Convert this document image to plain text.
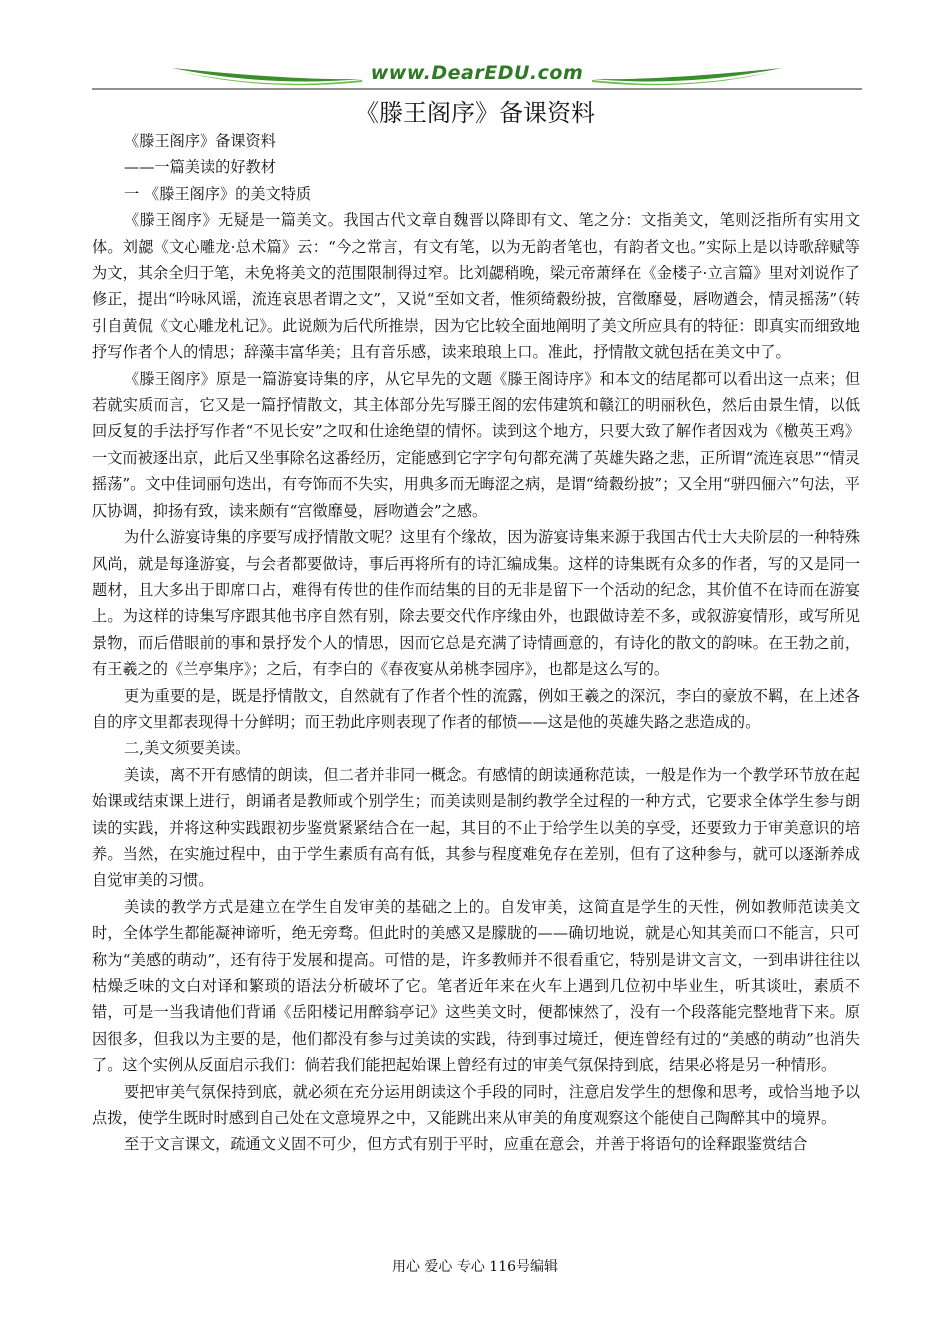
www.DearEDU.com
《滕王阁序》备课资料

《滕王阁序》备课资料

——一篇美读的好教材

一 《滕王阁序》的美文特质

《滕王阁序》无疑是一篇美文。我国古代文章自魏晋以降即有文、笔之分：文指美文，笔则泛指所有实用文体。刘勰《文心雕龙·总术篇》云：“今之常言，有文有笔，以为无韵者笔也，有韵者文也。”实际上是以诗歌辞赋等为文，其余全归于笔，未免将美文的范围限制得过窄。比刘勰稍晚，梁元帝萧绎在《金楼子·立言篇》里对刘说作了修正，提出“吟咏风谣，流连哀思者谓之文”，又说“至如文者，惟须绮縠纷披，宫徵靡曼，唇吻遒会，情灵摇荡”（转引自黄侃《文心雕龙札记》。此说颇为后代所推崇，因为它比较全面地阐明了美文所应具有的特征：即真实而细致地抒写作者个人的情思；辞藻丰富华美；且有音乐感，读来琅琅上口。准此，抒情散文就包括在美文中了。

《滕王阁序》原是一篇游宴诗集的序，从它早先的文题《滕王阁诗序》和本文的结尾都可以看出这一点来；但若就实质而言，它又是一篇抒情散文，其主体部分先写滕王阁的宏伟建筑和赣江的明丽秋色，然后由景生情，以低回反复的手法抒写作者“不见长安”之叹和仕途绝望的情怀。读到这个地方，只要大致了解作者因戏为《檄英王鸡》一文而被逐出京，此后又坐事除名这番经历，定能感到它字字句句都充满了英雄失路之悲，正所谓“流连哀思”“情灵摇荡”。文中佳词丽句迭出，有夸饰而不失实，用典多而无晦涩之病，是谓“绮縠纷披”；又全用“骈四俪六”句法，平仄协调，抑扬有致，读来颇有“宫徵靡曼，唇吻遒会”之感。

为什么游宴诗集的序要写成抒情散文呢？这里有个缘故，因为游宴诗集来源于我国古代士大夫阶层的一种特殊风尚，就是每逢游宴，与会者都要做诗，事后再将所有的诗汇编成集。这样的诗集既有众多的作者，写的又是同一题材，且大多出于即席口占，难得有传世的佳作而结集的目的无非是留下一个活动的纪念，其价值不在诗而在游宴上。为这样的诗集写序跟其他书序自然有别，除去要交代作序缘由外，也跟做诗差不多，或叙游宴情形，或写所见景物，而后借眼前的事和景抒发个人的情思，因而它总是充满了诗情画意的，有诗化的散文的韵味。在王勃之前，有王羲之的《兰亭集序》；之后，有李白的《春夜宴从弟桃李园序》，也都是这么写的。

更为重要的是，既是抒情散文，自然就有了作者个性的流露，例如王羲之的深沉，李白的豪放不羁，在上述各自的序文里都表现得十分鲜明；而王勃此序则表现了作者的郁愤——这是他的英雄失路之悲造成的。

二,美文须要美读。

美读，离不开有感情的朗读，但二者并非同一概念。有感情的朗读通称范读，一般是作为一个教学环节放在起始课或结束课上进行，朗诵者是教师或个别学生；而美读则是制约教学全过程的一种方式，它要求全体学生参与朗读的实践，并将这种实践跟初步鉴赏紧紧结合在一起，其目的不止于给学生以美的享受，还要致力于审美意识的培养。当然，在实施过程中，由于学生素质有高有低，其参与程度难免存在差别，但有了这种参与，就可以逐渐养成自觉审美的习惯。

美读的教学方式是建立在学生自发审美的基础之上的。自发审美，这简直是学生的天性，例如教师范读美文时，全体学生都能凝神谛听，绝无旁骛。但此时的美感又是朦胧的——确切地说，就是心知其美而口不能言，只可称为“美感的萌动”，还有待于发展和提高。可惜的是，许多教师并不很看重它，特别是讲文言文，一到串讲往往以枯燥乏味的文白对译和繁琐的语法分析破坏了它。笔者近年来在火车上遇到几位初中毕业生，听其谈吐，素质不错，可是一当我请他们背诵《岳阳楼记用醉翁亭记》这些美文时，便都悚然了，没有一个段落能完整地背下来。原因很多，但我以为主要的是，他们都没有参与过美读的实践，待到事过境迁，便连曾经有过的“美感的萌动”也消失了。这个实例从反面启示我们：倘若我们能把起始课上曾经有过的审美气氛保持到底，结果必将是另一种情形。

要把审美气氛保持到底，就必须在充分运用朗读这个手段的同时，注意启发学生的想像和思考，或恰当地予以点拨，使学生既时时感到自己处在文意境界之中，又能跳出来从审美的角度观察这个能使自己陶醉其中的境界。

至于文言课文，疏通文义固不可少，但方式有别于平时，应重在意会，并善于将语句的诠释跟鉴赏结合

用心 爱心 专心 116号编辑
